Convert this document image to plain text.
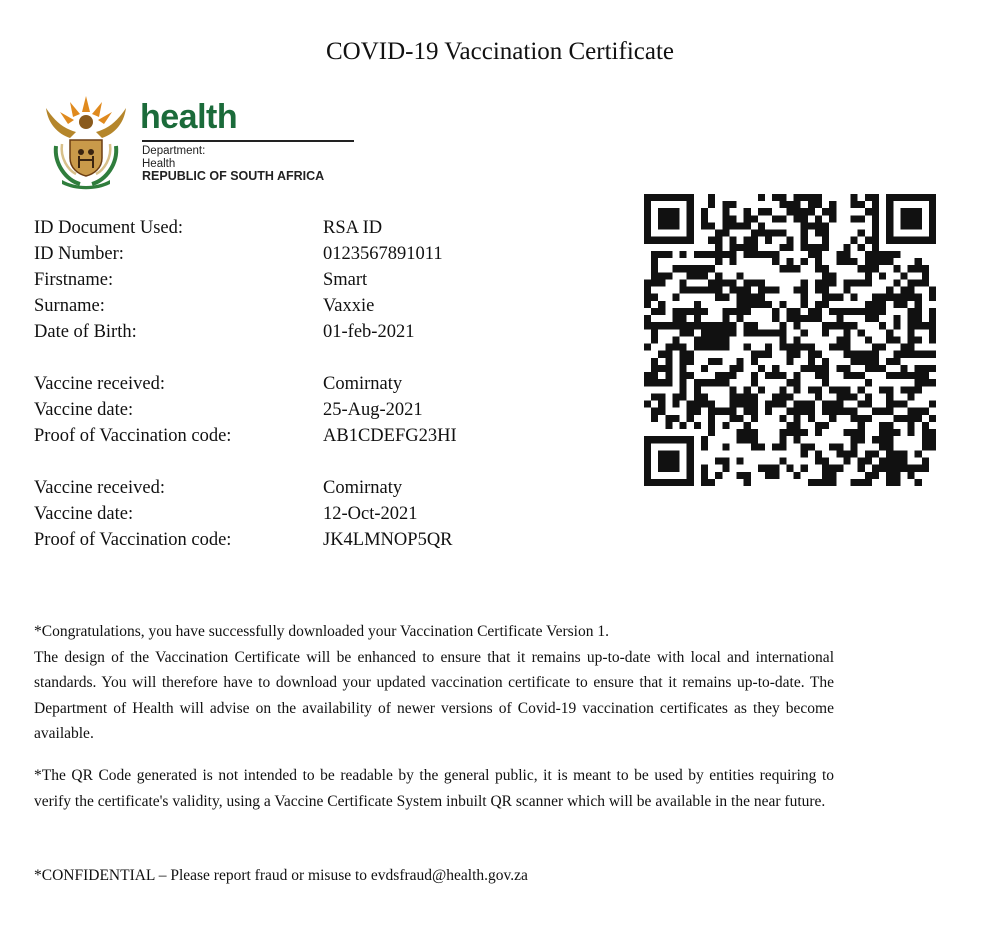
COVID-19 Vaccination Certificate
health
Department:
Health
REPUBLIC OF SOUTH AFRICA
ID Document Used:	RSA ID
ID Number:	0123567891011
Firstname:	Smart
Surname:	Vaxxie
Date of Birth:	01-feb-2021
Vaccine received:	Comirnaty
Vaccine date:	25-Aug-2021
Proof of Vaccination code:	AB1CDEFG23HI
Vaccine received:	Comirnaty
Vaccine date:	12-Oct-2021
Proof of Vaccination code:	JK4LMNOP5QR
*Congratulations, you have successfully downloaded your Vaccination Certificate Version 1.
The design of the Vaccination Certificate will be enhanced to ensure that it remains up-to-date with local and international standards. You will therefore have to download your updated vaccination certificate to ensure that it remains up-to-date. The Department of Health will advise on the availability of newer versions of Covid-19 vaccination certificates as they become available.
*The QR Code generated is not intended to be readable by the general public, it is meant to be used by entities requiring to verify the certificate's validity, using a Vaccine Certificate System inbuilt QR scanner which will be available in the near future.
*CONFIDENTIAL – Please report fraud or misuse to evdsfraud@health.gov.za
